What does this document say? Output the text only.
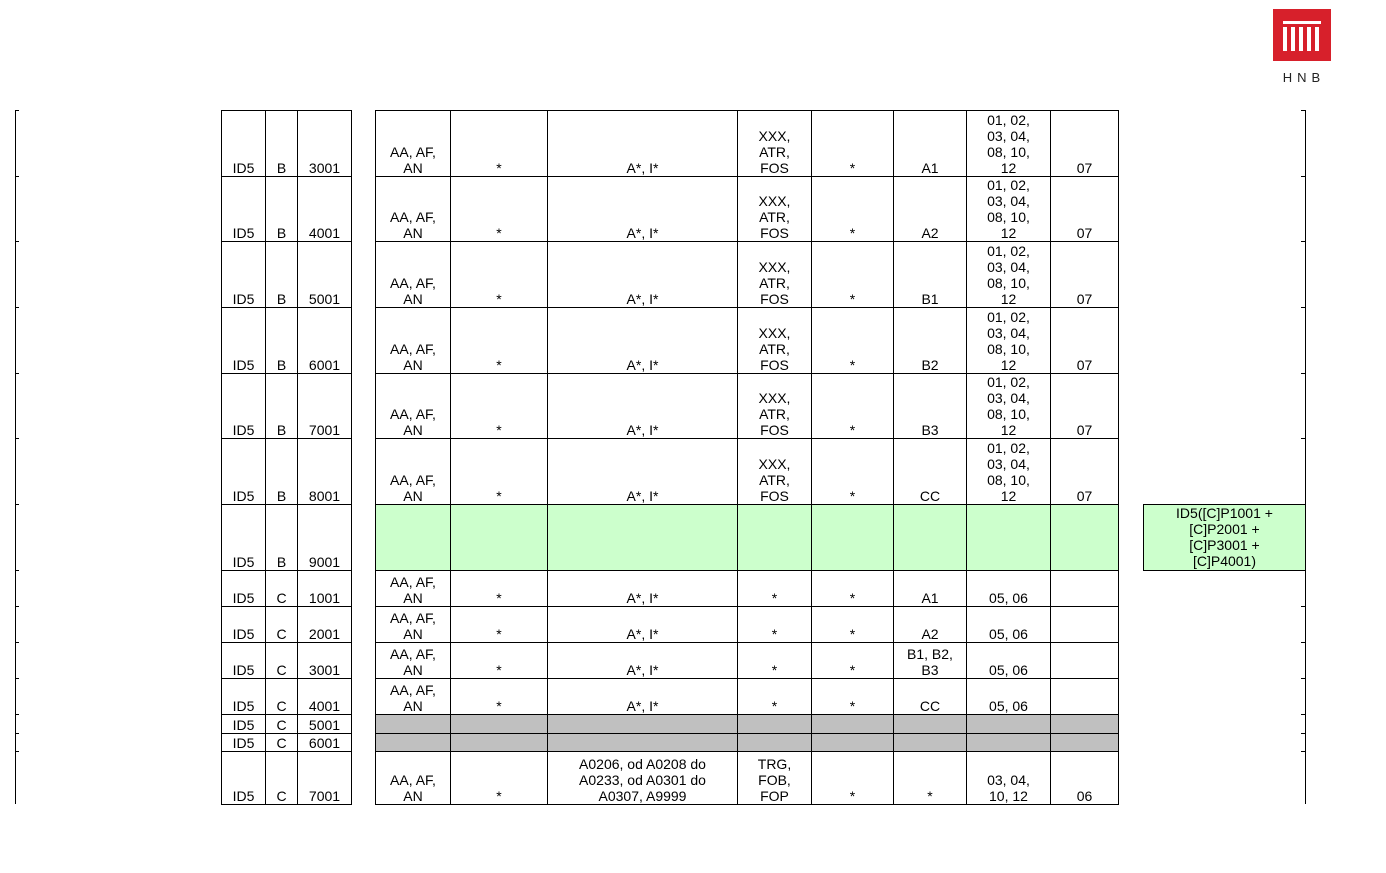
HNB
ID5	B	3001
AA, AF,
AN	*	A*, I*
XXX,
ATR,
FOS	*	A1
01, 02,
03, 04,
08, 10,
12	07
ID5	B	4001
AA, AF,
AN	*	A*, I*
XXX,
ATR,
FOS	*	A2
01, 02,
03, 04,
08, 10,
12	07
ID5	B	5001
AA, AF,
AN	*	A*, I*
XXX,
ATR,
FOS	*	B1
01, 02,
03, 04,
08, 10,
12	07
ID5	B	6001
AA, AF,
AN	*	A*, I*
XXX,
ATR,
FOS	*	B2
01, 02,
03, 04,
08, 10,
12	07
ID5	B	7001
AA, AF,
AN	*	A*, I*
XXX,
ATR,
FOS	*	B3
01, 02,
03, 04,
08, 10,
12	07
ID5	B	8001
AA, AF,
AN	*	A*, I*
XXX,
ATR,
FOS	*	CC
01, 02,
03, 04,
08, 10,
12	07
ID5	B	9001
ID5([C]P1001 +
[C]P2001 +
[C]P3001 +
[C]P4001)
ID5	C	1001
AA, AF,
AN	*	A*, I*	*	*	A1	05, 06
ID5	C	2001
AA, AF,
AN	*	A*, I*	*	*	A2	05, 06
ID5	C	3001
AA, AF,
AN	*	A*, I*	*	*
B1, B2,
B3	05, 06
ID5	C	4001
AA, AF,
AN	*	A*, I*	*	*	CC	05, 06
ID5	C	5001
ID5	C	6001
ID5	C	7001
AA, AF,
AN	*
A0206, od A0208 do
A0233, od A0301 do
A0307, A9999
TRG,
FOB,
FOP	*	*
03, 04,
10, 12	06
